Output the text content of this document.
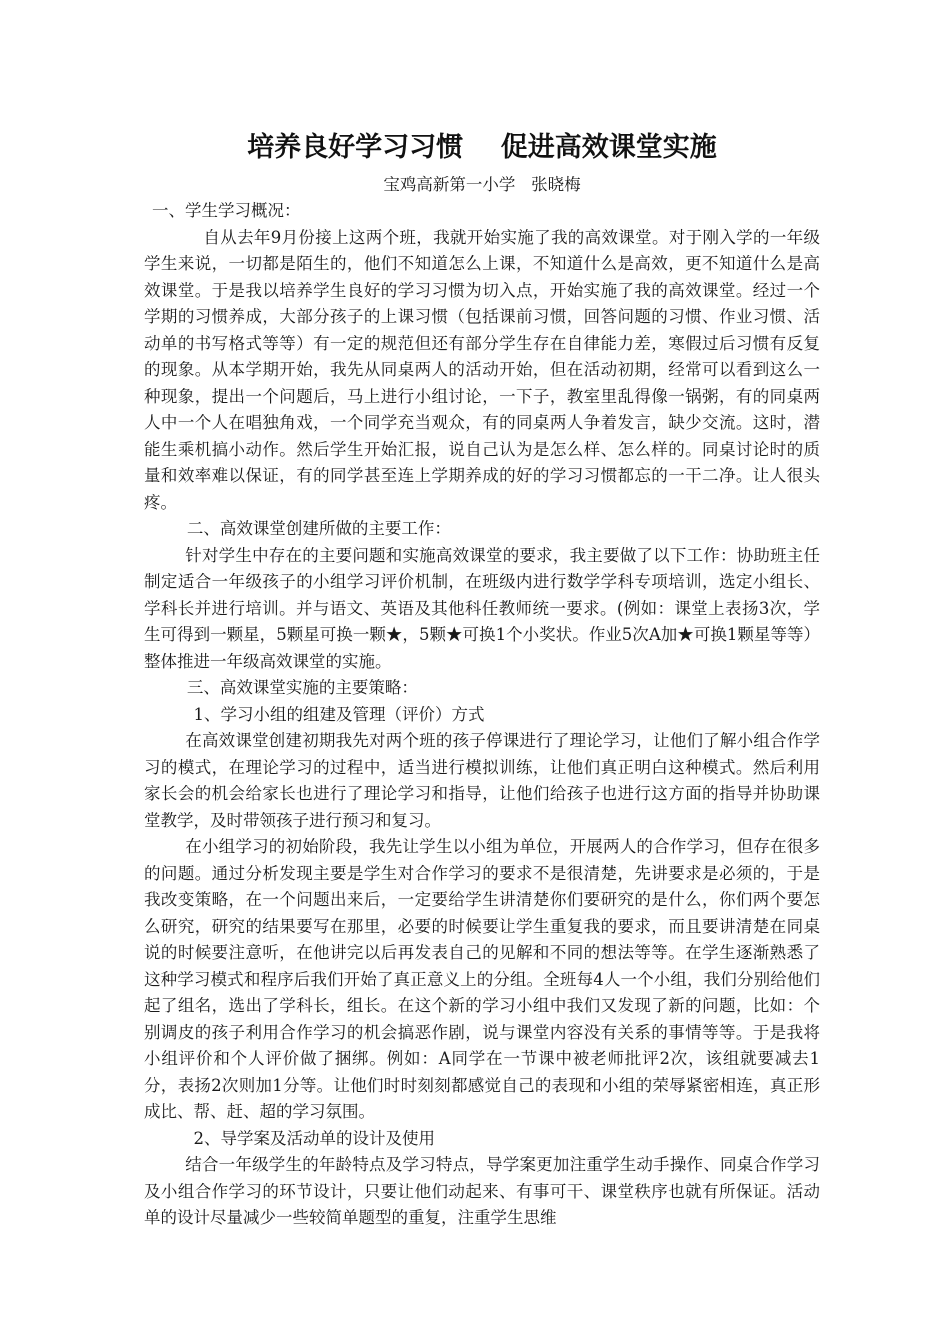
培养良好学习习惯    促进高效课堂实施
宝鸡高新第一小学   张晓梅

一、学生学习概况：

自从去年9月份接上这两个班，我就开始实施了我的高效课堂。对于刚入学的一年级学生来说，一切都是陌生的，他们不知道怎么上课，不知道什么是高效，更不知道什么是高效课堂。于是我以培养学生良好的学习习惯为切入点，开始实施了我的高效课堂。经过一个学期的习惯养成，大部分孩子的上课习惯（包括课前习惯，回答问题的习惯、作业习惯、活动单的书写格式等等）有一定的规范但还有部分学生存在自律能力差，寒假过后习惯有反复的现象。从本学期开始，我先从同桌两人的活动开始，但在活动初期，经常可以看到这么一种现象，提出一个问题后，马上进行小组讨论，一下子，教室里乱得像一锅粥，有的同桌两人中一个人在唱独角戏，一个同学充当观众，有的同桌两人争着发言，缺少交流。这时，潜能生乘机搞小动作。然后学生开始汇报，说自己认为是怎么样、怎么样的。同桌讨论时的质量和效率难以保证，有的同学甚至连上学期养成的好的学习习惯都忘的一干二净。让人很头疼。

二、高效课堂创建所做的主要工作：

针对学生中存在的主要问题和实施高效课堂的要求，我主要做了以下工作：协助班主任制定适合一年级孩子的小组学习评价机制，在班级内进行数学学科专项培训，选定小组长、学科长并进行培训。并与语文、英语及其他科任教师统一要求。(例如：课堂上表扬3次，学生可得到一颗星，5颗星可换一颗★，5颗★可换1个小奖状。作业5次A加★可换1颗星等等）整体推进一年级高效课堂的实施。

三、高效课堂实施的主要策略：

1、学习小组的组建及管理（评价）方式

在高效课堂创建初期我先对两个班的孩子停课进行了理论学习，让他们了解小组合作学习的模式，在理论学习的过程中，适当进行模拟训练，让他们真正明白这种模式。然后利用家长会的机会给家长也进行了理论学习和指导，让他们给孩子也进行这方面的指导并协助课堂教学，及时带领孩子进行预习和复习。

在小组学习的初始阶段，我先让学生以小组为单位，开展两人的合作学习，但存在很多的问题。通过分析发现主要是学生对合作学习的要求不是很清楚，先讲要求是必须的，于是我改变策略，在一个问题出来后，一定要给学生讲清楚你们要研究的是什么，你们两个要怎么研究，研究的结果要写在那里，必要的时候要让学生重复我的要求，而且要讲清楚在同桌说的时候要注意听，在他讲完以后再发表自己的见解和不同的想法等等。在学生逐渐熟悉了这种学习模式和程序后我们开始了真正意义上的分组。全班每4人一个小组，我们分别给他们起了组名，选出了学科长，组长。在这个新的学习小组中我们又发现了新的问题，比如：个别调皮的孩子利用合作学习的机会搞恶作剧，说与课堂内容没有关系的事情等等。于是我将小组评价和个人评价做了捆绑。例如：A同学在一节课中被老师批评2次，该组就要减去1分，表扬2次则加1分等。让他们时时刻刻都感觉自己的表现和小组的荣辱紧密相连，真正形成比、帮、赶、超的学习氛围。

2、导学案及活动单的设计及使用

结合一年级学生的年龄特点及学习特点，导学案更加注重学生动手操作、同桌合作学习及小组合作学习的环节设计，只要让他们动起来、有事可干、课堂秩序也就有所保证。活动单的设计尽量减少一些较简单题型的重复，注重学生思维
